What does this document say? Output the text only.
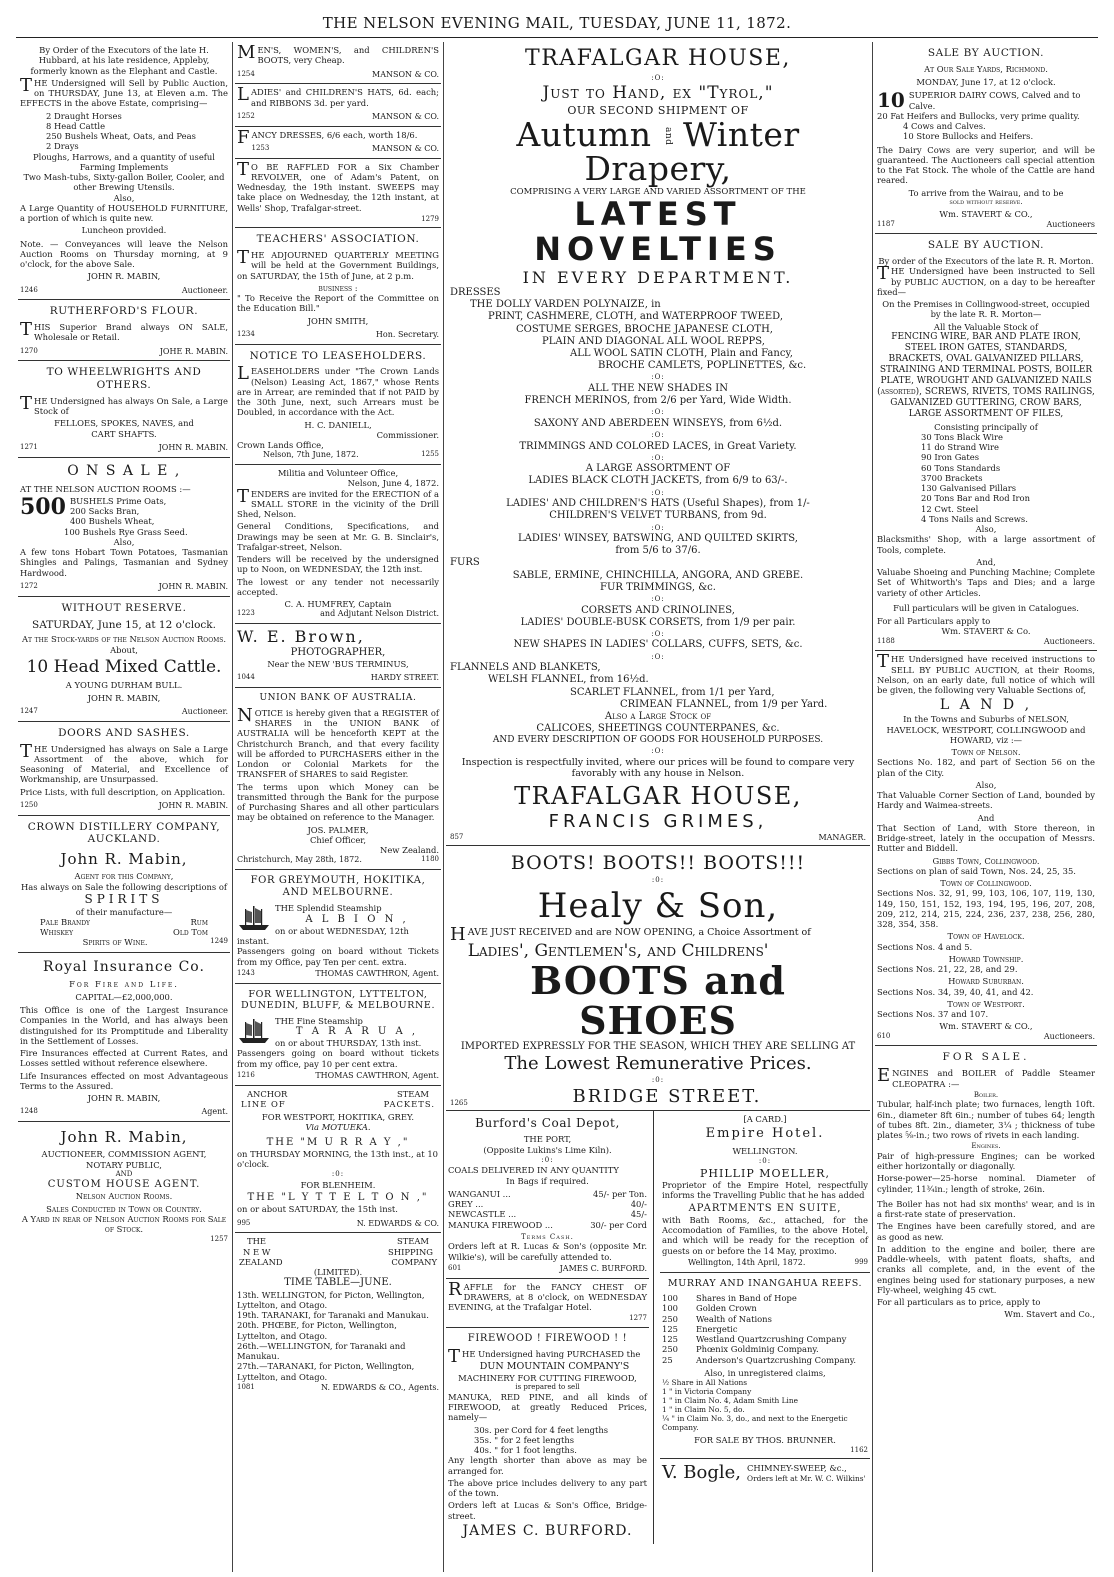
THE NELSON EVENING MAIL, TUESDAY, JUNE 11, 1872.

By Order of the Executors of the late H. Hubbard, at his late residence, Appleby, formerly known as the Elephant and Castle.

THE Undersigned will Sell by Public Auction, on THURSDAY, June 13, at Eleven a.m. The EFFECTS in the above Estate, comprising—

2 Draught Horses
8 Head Cattle
250 Bushels Wheat, Oats, and Peas
2 Drays
Ploughs, Harrows, and a quantity of useful Farming Implements
Two Mash-tubs, Sixty-gallon Boiler, Cooler, and other Brewing Utensils.
Also,

A Large Quantity of HOUSEHOLD FURNITURE, a portion of which is quite new.

Luncheon provided.

Note. — Conveyances will leave the Nelson Auction Rooms on Thursday morning, at 9 o'clock, for the above Sale.

JOHN R. MABIN,
1246	Auctioneer.
RUTHERFORD'S FLOUR.

THIS Superior Brand always ON SALE, Wholesale or Retail.

1270	JOHE R. MABIN.
TO WHEELWRIGHTS AND OTHERS.

THE Undersigned has always On Sale, a Large Stock of

FELLOES, SPOKES, NAVES, and
CART SHAFTS.
1271	JOHN R. MABIN.
O N S A L E ,
AT THE NELSON AUCTION ROOMS :—
500 BUSHELS Prime Oats,
200 Sacks Bran,
400 Bushels Wheat,
100 Bushels Rye Grass Seed.
Also,

A few tons Hobart Town Potatoes, Tasmanian Shingles and Palings, Tasmanian and Sydney Hardwood.

1272	JOHN R. MABIN.
WITHOUT RESERVE.
SATURDAY, June 15, at 12 o'clock.
At the Stock-yards of the Nelson Auction Rooms.
About,
10 Head Mixed Cattle.
A YOUNG DURHAM BULL.
JOHN R. MABIN,
1247	Auctioneer.
DOORS AND SASHES.

THE Undersigned has always on Sale a Large Assortment of the above, which for Seasoning of Material, and Excellence of Workmanship, are Unsurpassed.

Price Lists, with full description, on Application.

1250	JOHN R. MABIN.
CROWN DISTILLERY COMPANY, AUCKLAND.
John R. Mabin,
Agent for this Company,
Has always on Sale the following descriptions of
SPIRITS
of their manufacture—
Pale Brandy	Rum
Whiskey	Old Tom
Spirits of Wine.	1249
Royal Insurance Co.
For Fire and Life.
CAPITAL—£2,000,000.

This Office is one of the Largest Insurance Companies in the World, and has always been distinguished for its Promptitude and Liberality in the Settlement of Losses.

Fire Insurances effected at Current Rates, and Losses settled without reference elsewhere.

Life Insurances effected on most Advantageous Terms to the Assured.

JOHN R. MABIN,
1248	Agent.
John R. Mabin,
AUCTIONEER, COMMISSION AGENT,
NOTARY PUBLIC,
AND
CUSTOM HOUSE AGENT.
Nelson Auction Rooms.
Sales Conducted in Town or Country.
A Yard in rear of Nelson Auction Rooms for Sale of Stock.
1257

MEN'S, WOMEN'S, and CHILDREN'S BOOTS, very Cheap.

1254	MANSON & CO.

LADIES' and CHILDREN'S HATS, 6d. each; and RIBBONS 3d. per yard.

1252	MANSON & CO.

FANCY DRESSES, 6/6 each, worth 18/6.

1253	MANSON & CO.

TO BE RAFFLED FOR a Six Chamber REVOLVER, one of Adam's Patent, on Wednesday, the 19th instant. SWEEPS may take place on Wednesday, the 12th instant, at Wells' Shop, Trafalgar-street.

1279
TEACHERS' ASSOCIATION.

THE ADJOURNED QUARTERLY MEETING will be held at the Government Buildings, on SATURDAY, the 15th of June, at 2 p.m.

business :

" To Receive the Report of the Committee on the Education Bill."

JOHN SMITH,
1234	Hon. Secretary.
NOTICE TO LEASEHOLDERS.

LEASEHOLDERS under "The Crown Lands (Nelson) Leasing Act, 1867," whose Rents are in Arrear, are reminded that if not PAID by the 30th June, next, such Arrears must be Doubled, in accordance with the Act.

H. C. DANIELL,
Commissioner.
Crown Lands Office,
Nelson, 7th June, 1872.	1255
Militia and Volunteer Office,
Nelson, June 4, 1872.

TENDERS are invited for the ERECTION of a SMALL STORE in the vicinity of the Drill Shed, Nelson.

General Conditions, Specifications, and Drawings may be seen at Mr. G. B. Sinclair's, Trafalgar-street, Nelson.

Tenders will be received by the undersigned up to Noon, on WEDNESDAY, the 12th inst.

The lowest or any tender not necessarily accepted.

C. A. HUMFREY, Captain
1223	and Adjutant Nelson District.
W. E. Brown,
PHOTOGRAPHER,
Near the NEW 'BUS TERMINUS,
1044	HARDY STREET.
UNION BANK OF AUSTRALIA.

NOTICE is hereby given that a REGISTER of SHARES in the UNION BANK of AUSTRALIA will be henceforth KEPT at the Christchurch Branch, and that every facility will be afforded to PURCHASERS either in the London or Colonial Markets for the TRANSFER of SHARES to said Register.

The terms upon which Money can be transmitted through the Bank for the purpose of Purchasing Shares and all other particulars may be obtained on reference to the Manager.

JOS. PALMER,
Chief Officer,
New Zealand.
Christchurch, May 28th, 1872.	1180
FOR GREYMOUTH, HOKITIKA, AND MELBOURNE.
THE Splendid Steamship
A L B I O N ,
on or about WEDNESDAY, 12th instant.

Passengers going on board without Tickets from my Office, pay Ten per cent. extra.

1243	THOMAS CAWTHRON, Agent.
FOR WELLINGTON, LYTTELTON, DUNEDIN, BLUFF, & MELBOURNE.
THE Fine Steamship
T A R A R U A ,
on or about THURSDAY, 13th inst.

Passengers going on board without tickets from my office, pay 10 per cent extra.

1216	THOMAS CAWTHRON, Agent.
ANCHOR	STEAM
LINE OF	PACKETS.
FOR WESTPORT, HOKITIKA, GREY.
Via MOTUEKA.
THE "M U R R A Y ,"
on THURSDAY MORNING, the 13th inst., at 10 o'clock.
:0:
FOR BLENHEIM.
THE "L Y T T E L T O N ,"
on or about SATURDAY, the 15th inst.
995	N. EDWARDS & CO.
THE	STEAM
N E W	SHIPPING
ZEALAND	COMPANY
(LIMITED).
TIME TABLE—JUNE.
13th. WELLINGTON, for Picton, Wellington, Lyttelton, and Otago.
19th. TARANAKI, for Taranaki and Manukau.
20th. PHŒBE, for Picton, Wellington, Lyttelton, and Otago.
26th.—WELLINGTON, for Taranaki and Manukau.
27th.—TARANAKI, for Picton, Wellington, Lyttelton, and Otago.
1081	N. EDWARDS & CO., Agents.
TRAFALGAR HOUSE,
:O:
Just to Hand, ex "Tyrol,"
OUR SECOND SHIPMENT OF
Autumn and Winter Drapery,
COMPRISING A VERY LARGE AND VARIED ASSORTMENT OF THE
LATEST NOVELTIES
IN EVERY DEPARTMENT.
DRESSES
THE DOLLY VARDEN POLYNAIZE, in
PRINT, CASHMERE, CLOTH, and WATERPROOF TWEED,
COSTUME SERGES, BROCHE JAPANESE CLOTH,
PLAIN AND DIAGONAL ALL WOOL REPPS,
ALL WOOL SATIN CLOTH, Plain and Fancy,
BROCHE CAMLETS, POPLINETTES, &c.
:O:
ALL THE NEW SHADES IN
FRENCH MERINOS, from 2/6 per Yard, Wide Width.
:O:
SAXONY AND ABERDEEN WINSEYS, from 6½d.
:O:
TRIMMINGS AND COLORED LACES, in Great Variety.
:O:
A LARGE ASSORTMENT OF
LADIES BLACK CLOTH JACKETS, from 6/9 to 63/-.
:O:
LADIES' AND CHILDREN'S HATS (Useful Shapes), from 1/-
CHILDREN'S VELVET TURBANS, from 9d.
:O:
LADIES' WINSEY, BATSWING, AND QUILTED SKIRTS,
from 5/6 to 37/6.
FURS
SABLE, ERMINE, CHINCHILLA, ANGORA, AND GREBE.
FUR TRIMMINGS, &c.
:O:
CORSETS AND CRINOLINES,
LADIES' DOUBLE-BUSK CORSETS, from 1/9 per pair.
:O:
NEW SHAPES IN LADIES' COLLARS, CUFFS, SETS, &c.
:O:
FLANNELS AND BLANKETS,
WELSH FLANNEL, from 16½d.
SCARLET FLANNEL, from 1/1 per Yard,
CRIMEAN FLANNEL, from 1/9 per Yard.
Also a Large Stock of
CALICOES, SHEETINGS COUNTERPANES, &c.
AND EVERY DESCRIPTION OF GOODS FOR HOUSEHOLD PURPOSES.
:O:

Inspection is respectfully invited, where our prices will be found to compare very favorably with any house in Nelson.

TRAFALGAR HOUSE,
FRANCIS GRIMES,
857	MANAGER.
BOOTS! BOOTS!! BOOTS!!!
:0:
Healy & Son,

HAVE JUST RECEIVED and are NOW OPENING, a Choice Assortment of

Ladies', Gentlemen's, and Childrens'
BOOTS and SHOES
IMPORTED EXPRESSLY FOR THE SEASON, WHICH THEY ARE SELLING AT
The Lowest Remunerative Prices.
:0:
1265	BRIDGE STREET.
Burford's Coal Depot,
THE PORT,
(Opposite Lukins's Lime Kiln).
:0:
COALS DELIVERED IN ANY QUANTITY
In Bags if required.
WANGANUI ...	45/- per Ton.
GREY ...	40/-
NEWCASTLE ...	45/-
MANUKA FIREWOOD ...	30/- per Cord
Terms Cash.

Orders left at R. Lucas & Son's (opposite Mr. Wilkie's), will be carefully attended to.

601	JAMES C. BURFORD.

RAFFLE for the FANCY CHEST OF DRAWERS, at 8 o'clock, on WEDNESDAY EVENING, at the Trafalgar Hotel.

1277
FIREWOOD ! FIREWOOD ! !

THE Undersigned having PURCHASED the

DUN MOUNTAIN COMPANY'S
MACHINERY FOR CUTTING FIREWOOD,
is prepared to sell

MANUKA, RED PINE, and all kinds of FIREWOOD, at greatly Reduced Prices, namely—

30s. per Cord for 4 feet lengths
35s. " for 2 feet lengths
40s. " for 1 foot lengths.

Any length shorter than above as may be arranged for.

The above price includes delivery to any part of the town.

Orders left at Lucas & Son's Office, Bridge-street.

JAMES C. BURFORD.
[A CARD.]
Empire Hotel.
WELLINGTON.
:0:
PHILLIP MOELLER,

Proprietor of the Empire Hotel, respectfully informs the Travelling Public that he has added

APARTMENTS EN SUITE,

with Bath Rooms, &c., attached, for the Accomodation of Families, to the above Hotel, and which will be ready for the reception of guests on or before the 14 May, proximo.

Wellington, 14th April, 1872.	999
MURRAY AND INANGAHUA REEFS.
100	Shares in Band of Hope
100	Golden Crown
250	Wealth of Nations
125	Energetic
125	Westland Quartzcrushing Company
250	Phœnix Goldminig Company.
25	Anderson's Quartzcrushing Company.
Also, in unregistered claims,
½ Share in All Nations
1 " in Victoria Company
1 " in Claim No. 4, Adam Smith Line
1 " in Claim No. 5, do.
¼ " in Claim No. 3, do., and next to the Energetic Company.
FOR SALE BY THOS. BRUNNER.
1162
V. Bogle, CHIMNEY-SWEEP, &c.,
Orders left at Mr. W. C. Wilkins'
SALE BY AUCTION.
At Our Sale Yards, Richmond.
MONDAY, June 17, at 12 o'clock.
10 SUPERIOR DAIRY COWS, Calved and to Calve.
20 Fat Heifers and Bullocks, very prime quality.
4 Cows and Calves.
10 Store Bullocks and Heifers.

The Dairy Cows are very superior, and will be guaranteed. The Auctioneers call special attention to the Fat Stock. The whole of the Cattle are hand reared.

To arrive from the Wairau, and to be
sold without reserve.
Wm. STAVERT & CO.,
1187	Auctioneers
SALE BY AUCTION.
By order of the Executors of the late R. R. Morton.

THE Undersigned have been instructed to Sell by PUBLIC AUCTION, on a day to be hereafter fixed—

On the Premises in Collingwood-street, occupied by the late R. R. Morton—

All the Valuable Stock of

FENCING WIRE, BAR AND PLATE IRON, STEEL IRON GATES, STANDARDS, BRACKETS, OVAL GALVANIZED PILLARS, STRAINING AND TERMINAL POSTS, BOILER PLATE, WROUGHT AND GALVANIZED NAILS (assorted), SCREWS, RIVETS, TOMS RAILINGS, GALVANIZED GUTTERING, CROW BARS, LARGE ASSORTMENT OF FILES,

Consisting principally of
30 Tons Black Wire
11 do Strand Wire
90 Iron Gates
60 Tons Standards
3700 Brackets
130 Galvanised Pillars
20 Tons Bar and Rod Iron
12 Cwt. Steel
4 Tons Nails and Screws.
Also,

Blacksmiths' Shop, with a large assortment of Tools, complete.

And,

Valuabe Shoeing and Punching Machine; Complete Set of Whitworth's Taps and Dies; and a large variety of other Articles.

Full particulars will be given in Catalogues.
For all Particulars apply to
Wm. STAVERT & Co.
1188	Auctioneers.

THE Undersigned have received instructions to SELL BY PUBLIC AUCTION, at their Rooms, Nelson, on an early date, full notice of which will be given, the following very Valuable Sections of,

L A N D ,

In the Towns and Suburbs of NELSON, HAVELOCK, WESTPORT, COLLINGWOOD and HOWARD, viz :—

Town of Nelson.

Sections No. 182, and part of Section 56 on the plan of the City.

Also,

That Valuable Corner Section of Land, bounded by Hardy and Waimea-streets.

And

That Section of Land, with Store thereon, in Bridge-street, lately in the occupation of Messrs. Rutter and Biddell.

Gibbs Town, Collingwood.

Sections on plan of said Town, Nos. 24, 25, 35.

Town of Collingwood.

Sections Nos. 32, 91, 99, 103, 106, 107, 119, 130, 149, 150, 151, 152, 193, 194, 195, 196, 207, 208, 209, 212, 214, 215, 224, 236, 237, 238, 256, 280, 328, 354, 358.

Town of Havelock.

Sections Nos. 4 and 5.

Howard Township.

Sections Nos. 21, 22, 28, and 29.

Howard Suburban.

Sections Nos. 34, 39, 40, 41, and 42.

Town of Westport.

Sections Nos. 37 and 107.

Wm. STAVERT & CO.,
610	Auctioneers.
FOR SALE.

ENGINES and BOILER of Paddle Steamer CLEOPATRA :—

Boiler.

Tubular, half-inch plate; two furnaces, length 10ft. 6in., diameter 8ft 6in.; number of tubes 64; length of tubes 8ft. 2in., diameter, 3¼ ; thickness of tube plates ⅝-in.; two rows of rivets in each landing.

Engines.

Pair of high-pressure Engines; can be worked either horizontally or diagonally.

Horse-power—25-horse nominal. Diameter of cylinder, 11¾in.; length of stroke, 26in.

The Boiler has not had six months' wear, and is in a first-rate state of preservation.

The Engines have been carefully stored, and are as good as new.

In addition to the engine and boiler, there are Paddle-wheels, with patent floats, shafts, and cranks all complete, and, in the event of the engines being used for stationary purposes, a new Fly-wheel, weighing 45 cwt.

For all particulars as to price, apply to

Wm. Stavert and Co.,
